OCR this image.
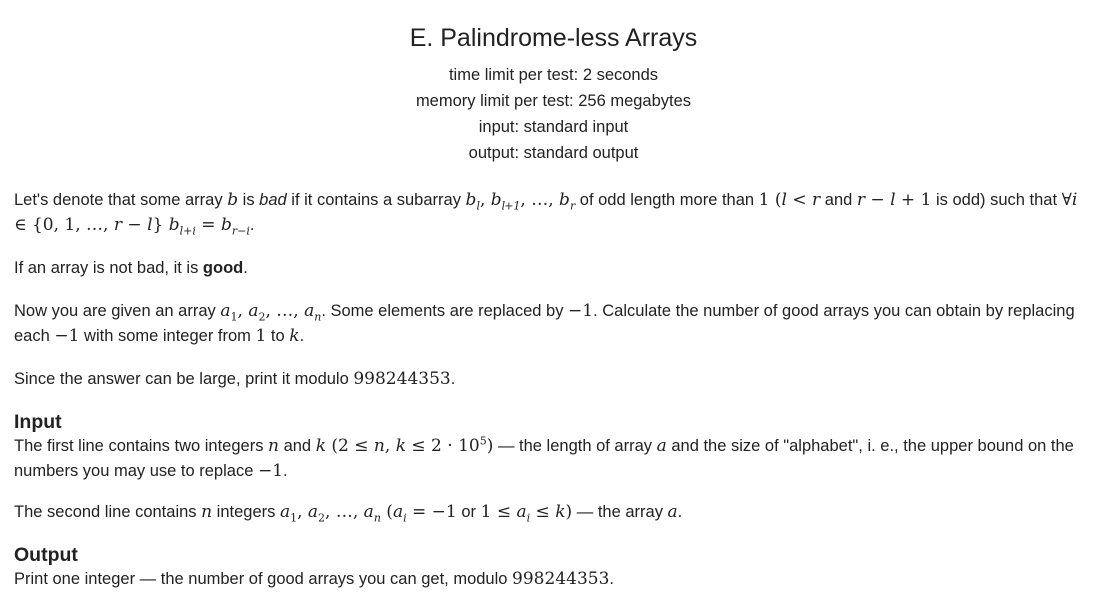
E. Palindrome-less Arrays
time limit per test: 2 seconds
memory limit per test: 256 megabytes
input: standard input
output: standard output

Let's denote that some array b is bad if it contains a subarray $b_l$, $b_{l+1}$, …, $b_r$ of odd length more than 1 (l < r and r − l + 1 is odd) such that ∀i ∈ {0, 1, …, r − l} $b_{l+i} = b_{r-i}$.

If an array is not bad, it is good.

Now you are given an array $a_1$, $a_2$, …, $a_n$. Some elements are replaced by −1. Calculate the number of good arrays you can obtain by replacing each −1 with some integer from 1 to k.

Since the answer can be large, print it modulo 998244353.

Input

The first line contains two integers n and k (2 ≤ n, $k \le 2 \cdot 10^5$) — the length of array a and the size of "alphabet", i. e., the upper bound on the numbers you may use to replace −1.

The second line contains n integers $a_1$, $a_2$, …, $a_n$ ($a_i = -1$ or $1 \le a_i \le k$) — the array a.

Output

Print one integer — the number of good arrays you can get, modulo 998244353.
